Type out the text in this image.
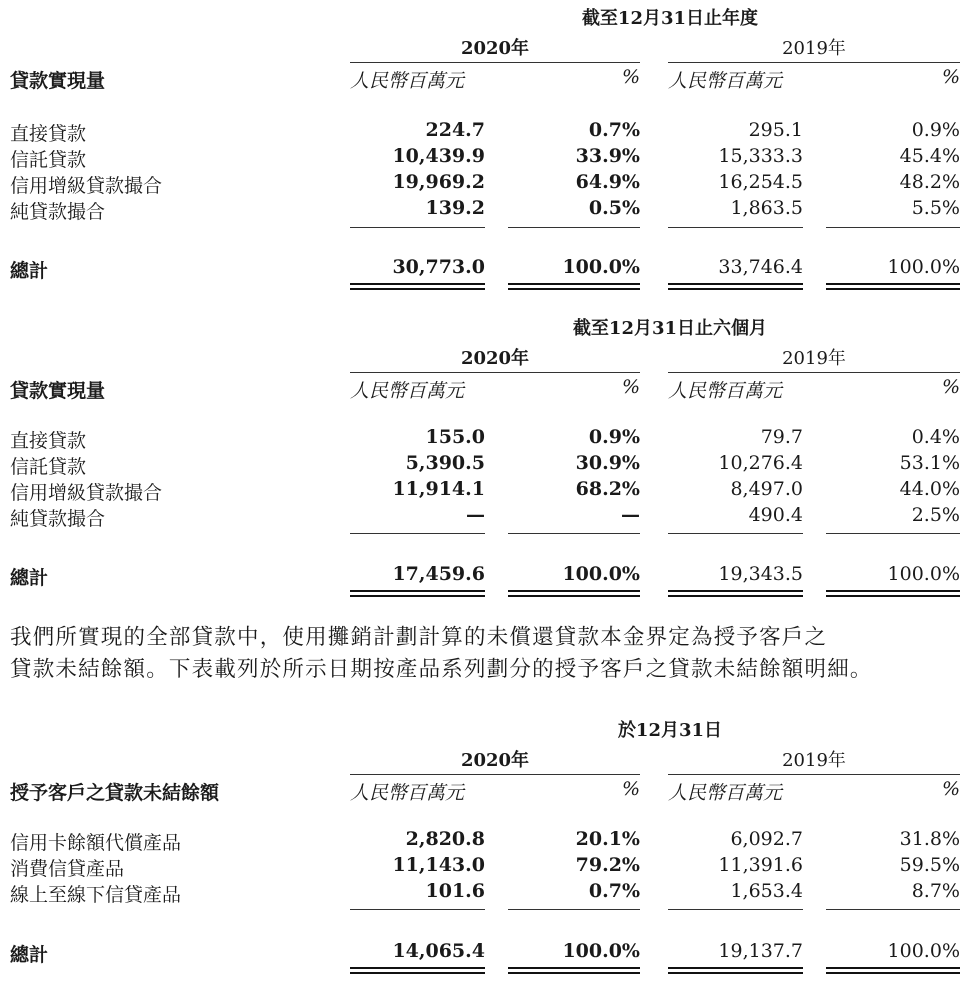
截至12月31日止年度
2020年	2019年
貸款實現量	人民幣百萬元	% 人民幣百萬元	%
直接貸款	224.7	0.7%	295.1	0.9%
信託貸款	10,439.9	33.9%	15,333.3	45.4%
信用增級貸款撮合	19,969.2	64.9%	16,254.5	48.2%
純貸款撮合	139.2	0.5%	1,863.5	5.5%
總計	30,773.0	100.0%	33,746.4	100.0%
截至12月31日止六個月
2020年	2019年
貸款實現量	人民幣百萬元	% 人民幣百萬元	%
直接貸款	155.0	0.9%	79.7	0.4%
信託貸款	5,390.5	30.9%	10,276.4	53.1%
信用增級貸款撮合	11,914.1	68.2%	8,497.0	44.0%
純貸款撮合	—	—	490.4	2.5%
總計	17,459.6	100.0%	19,343.5	100.0%

我們所實現的全部貸款中，使用攤銷計劃計算的未償還貸款本金界定為授予客戶之

貸款未結餘額。下表載列於所示日期按產品系列劃分的授予客戶之貸款未結餘額明細。

於12月31日
2020年	2019年
授予客戶之貸款未結餘額	人民幣百萬元	% 人民幣百萬元	%
信用卡餘額代償產品	2,820.8	20.1%	6,092.7	31.8%
消費信貸產品	11,143.0	79.2%	11,391.6	59.5%
線上至線下信貸產品	101.6	0.7%	1,653.4	8.7%
總計	14,065.4	100.0%	19,137.7	100.0%
